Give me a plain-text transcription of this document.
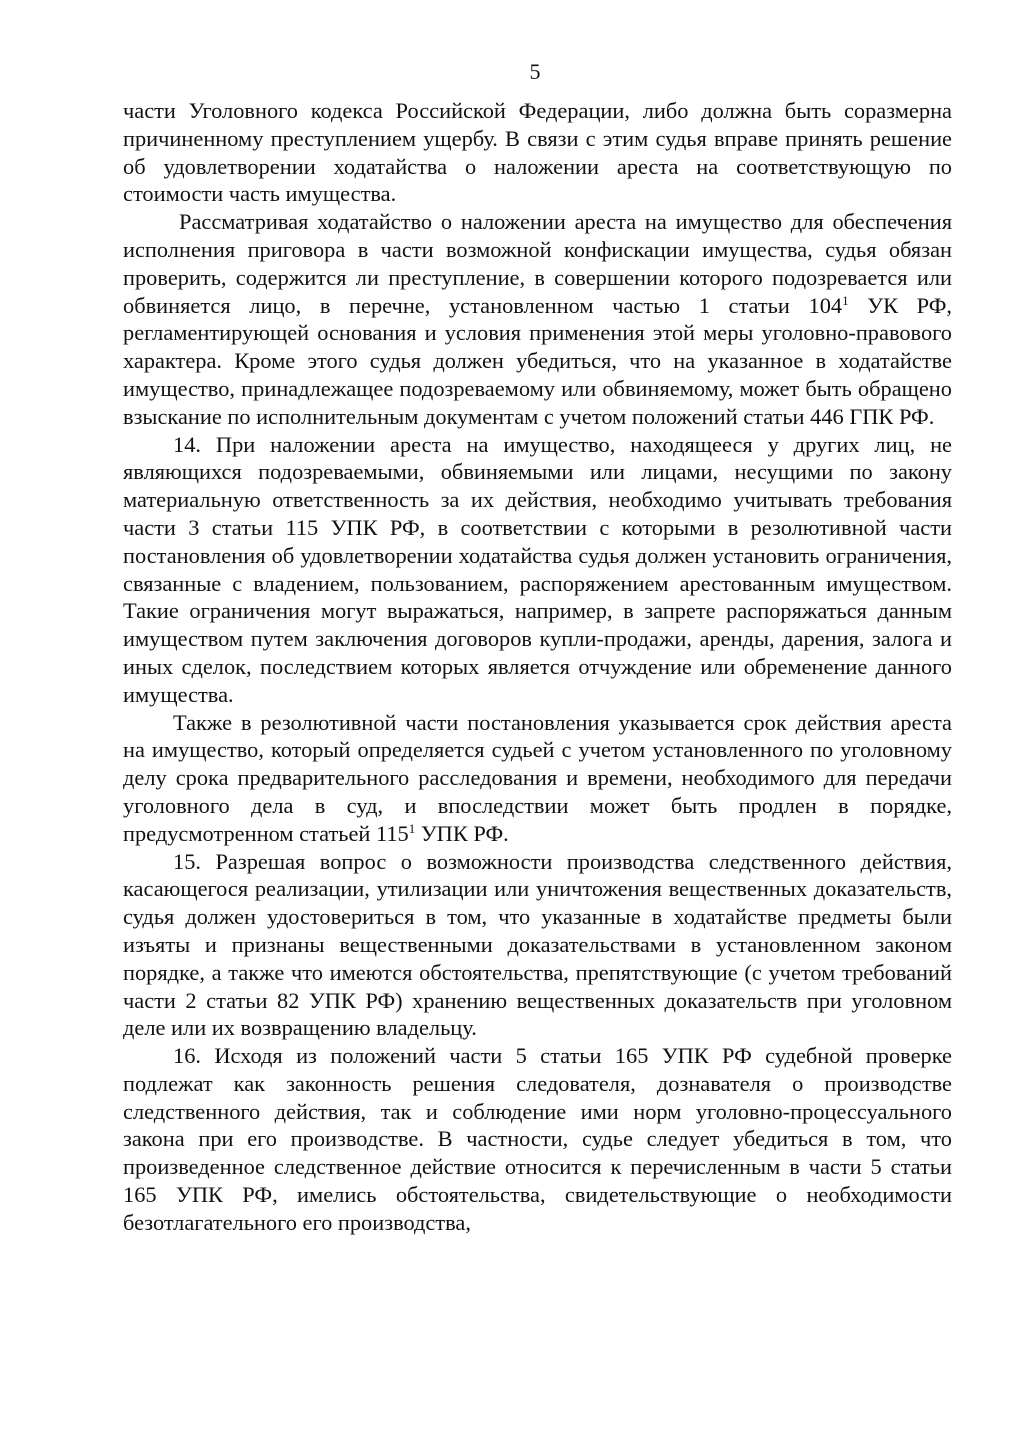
5

части Уголовного кодекса Российской Федерации, либо должна быть соразмерна причиненному преступлением ущербу. В связи с этим судья вправе принять решение об удовлетворении ходатайства о наложении ареста на соответствующую по стоимости часть имущества.

Рассматривая ходатайство о наложении ареста на имущество для обеспечения исполнения приговора в части возможной конфискации имущества, судья обязан проверить, содержится ли преступление, в совершении которого подозревается или обвиняется лицо, в перечне, установленном частью 1 статьи $104^1$ УК РФ, регламентирующей основания и условия применения этой меры уголовно-правового характера. Кроме этого судья должен убедиться, что на указанное в ходатайстве имущество, принадлежащее подозреваемому или обвиняемому, может быть обращено взыскание по исполнительным документам с учетом положений статьи 446 ГПК РФ.

14. При наложении ареста на имущество, находящееся у других лиц, не являющихся подозреваемыми, обвиняемыми или лицами, несущими по закону материальную ответственность за их действия, необходимо учитывать требования части 3 статьи 115 УПК РФ, в соответствии с которыми в резолютивной части постановления об удовлетворении ходатайства судья должен установить ограничения, связанные с владением, пользованием, распоряжением арестованным имуществом. Такие ограничения могут выражаться, например, в запрете распоряжаться данным имуществом путем заключения договоров купли-продажи, аренды, дарения, залога и иных сделок, последствием которых является отчуждение или обременение данного имущества.

Также в резолютивной части постановления указывается срок действия ареста на имущество, который определяется судьей с учетом установленного по уголовному делу срока предварительного расследования и времени, необходимого для передачи уголовного дела в суд, и впоследствии может быть продлен в порядке, предусмотренном статьей $115^1$ УПК РФ.

15. Разрешая вопрос о возможности производства следственного действия, касающегося реализации, утилизации или уничтожения вещественных доказательств, судья должен удостовериться в том, что указанные в ходатайстве предметы были изъяты и признаны вещественными доказательствами в установленном законом порядке, а также что имеются обстоятельства, препятствующие (с учетом требований части 2 статьи 82 УПК РФ) хранению вещественных доказательств при уголовном деле или их возвращению владельцу.

16. Исходя из положений части 5 статьи 165 УПК РФ судебной проверке подлежат как законность решения следователя, дознавателя о производстве следственного действия, так и соблюдение ими норм уголовно-процессуального закона при его производстве. В частности, судье следует убедиться в том, что произведенное следственное действие относится к перечисленным в части 5 статьи 165 УПК РФ, имелись обстоятельства, свидетельствующие о необходимости безотлагательного его производства,
